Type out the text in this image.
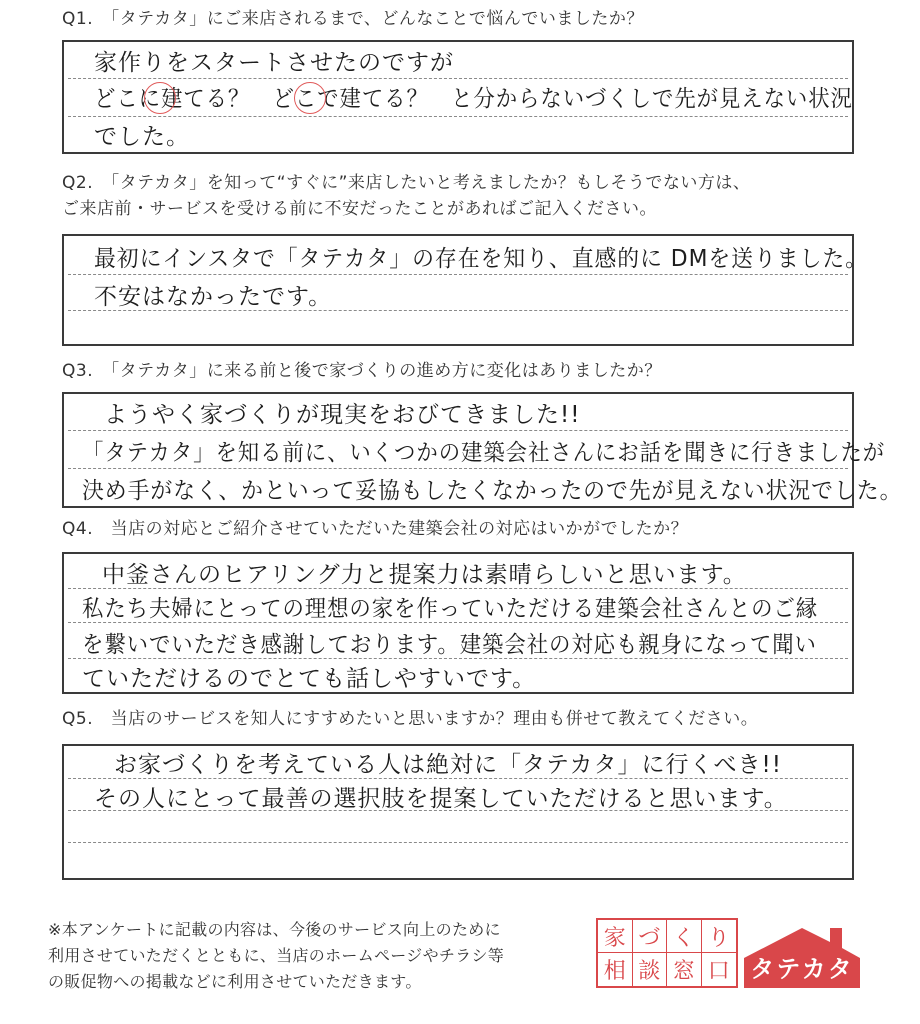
Q1.　「タテカタ」にご来店されるまで、どんなことで悩んでいましたか？
家作りをスタートさせたのですが
どこに建てる？　どこで建てる？　と分からないづくしで先が見えない状況
でした。
Q2.　「タテカタ」を知って“すぐに”来店したいと考えましたか？もしそうでない方は、
ご来店前・サービスを受ける前に不安だったことがあればご記入ください。
最初にインスタで「タテカタ」の存在を知り、直感的に DMを送りました。
不安はなかったです。
Q3.　「タテカタ」に来る前と後で家づくりの進め方に変化はありましたか？
ようやく家づくりが現実をおびてきました!!
「タテカタ」を知る前に、いくつかの建築会社さんにお話を聞きに行きましたが
決め手がなく、かといって妥協もしたくなかったので先が見えない状況でした。
Q4.　当店の対応とご紹介させていただいた建築会社の対応はいかがでしたか？
中釜さんのヒアリング力と提案力は素晴らしいと思います。
私たち夫婦にとっての理想の家を作っていただける建築会社さんとのご縁
を繋いでいただき感謝しております。建築会社の対応も親身になって聞い
ていただけるのでとても話しやすいです。
Q5.　当店のサービスを知人にすすめたいと思いますか？理由も併せて教えてください。
お家づくりを考えている人は絶対に「タテカタ」に行くべき!!
その人にとって最善の選択肢を提案していただけると思います。
※本アンケートに記載の内容は、今後のサービス向上のために
利用させていただくとともに、当店のホームページやチラシ等
の販促物への掲載などに利用させていただきます。
家 づ く り
相 談 窓 口 タテカタ
